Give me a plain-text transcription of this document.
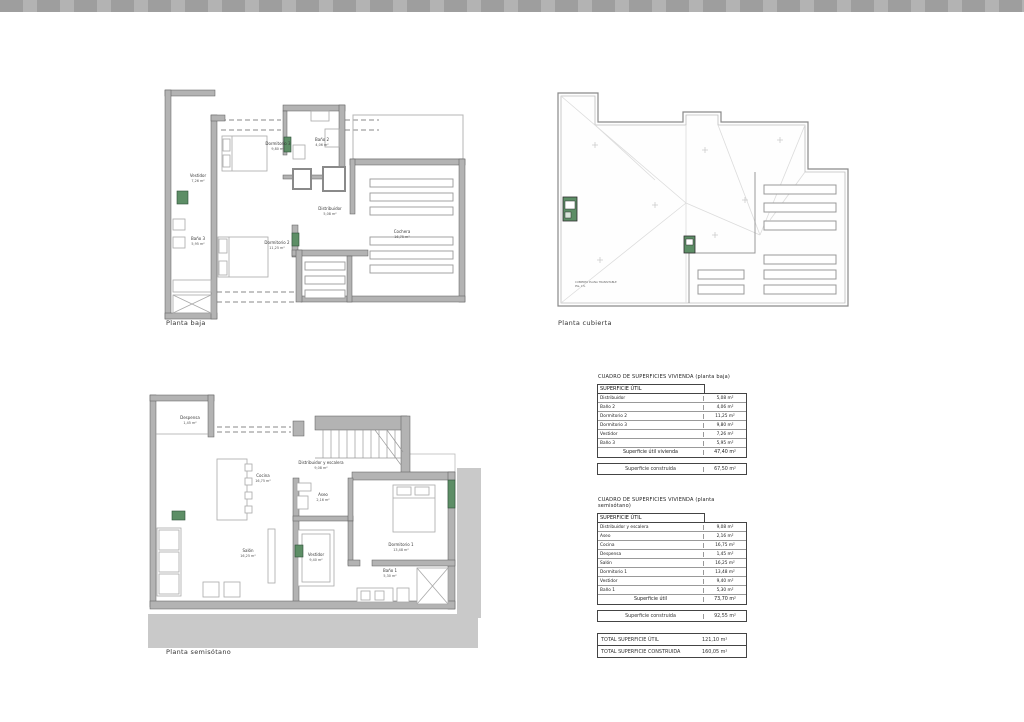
Vestidor
7,26 m²
Dormitorio 3
9,80 m²
Baño 2
4,06 m²
Distribuidor
5,08 m²
Dormitorio 2
11,25 m²
Baño 3
5,95 m²
Cochera
16,75 m²
CUBIERTA PLANA TRANSITABLE
Pte. 1%
Despensa
1,45 m²
Cocina
16,75 m²
Distribuidor y escalera
9,08 m²
Aseo
2,16 m²
Salón
16,25 m²	Vestidor
9,40 m²
Dormitorio 1
13,48 m²
Baño 1
5,30 m²
Planta baja	Planta cubierta
Planta semisótano
CUADRO DE SUPERFICIES VIVIENDA (planta baja)
SUPERFICIE ÚTIL
Distribuidor	5,08 m²
Baño 2	4,06 m²
Dormitorio 2	11,25 m²
Dormitorio 3	9,80 m²
Vestidor	7,26 m²
Baño 3	5,95 m²
Superficie útil vivienda	47,40 m²
Superficie construida	67,50 m²
CUADRO DE SUPERFICIES VIVIENDA (planta semisótano)
SUPERFICIE ÚTIL
Distribuidor y escalera	9,08 m²
Aseo	2,16 m²
Cocina	16,75 m²
Despensa	1,45 m²
Salón	16,25 m²
Dormitorio 1	13,48 m²
Vestidor	9,40 m²
Baño 1	5,30 m²
Superficie útil	73,70 m²
Superficie construida	92,55 m²
TOTAL SUPERFICIE ÚTIL	121,10 m²
TOTAL SUPERFICIE CONSTRUIDA	160,05 m²
